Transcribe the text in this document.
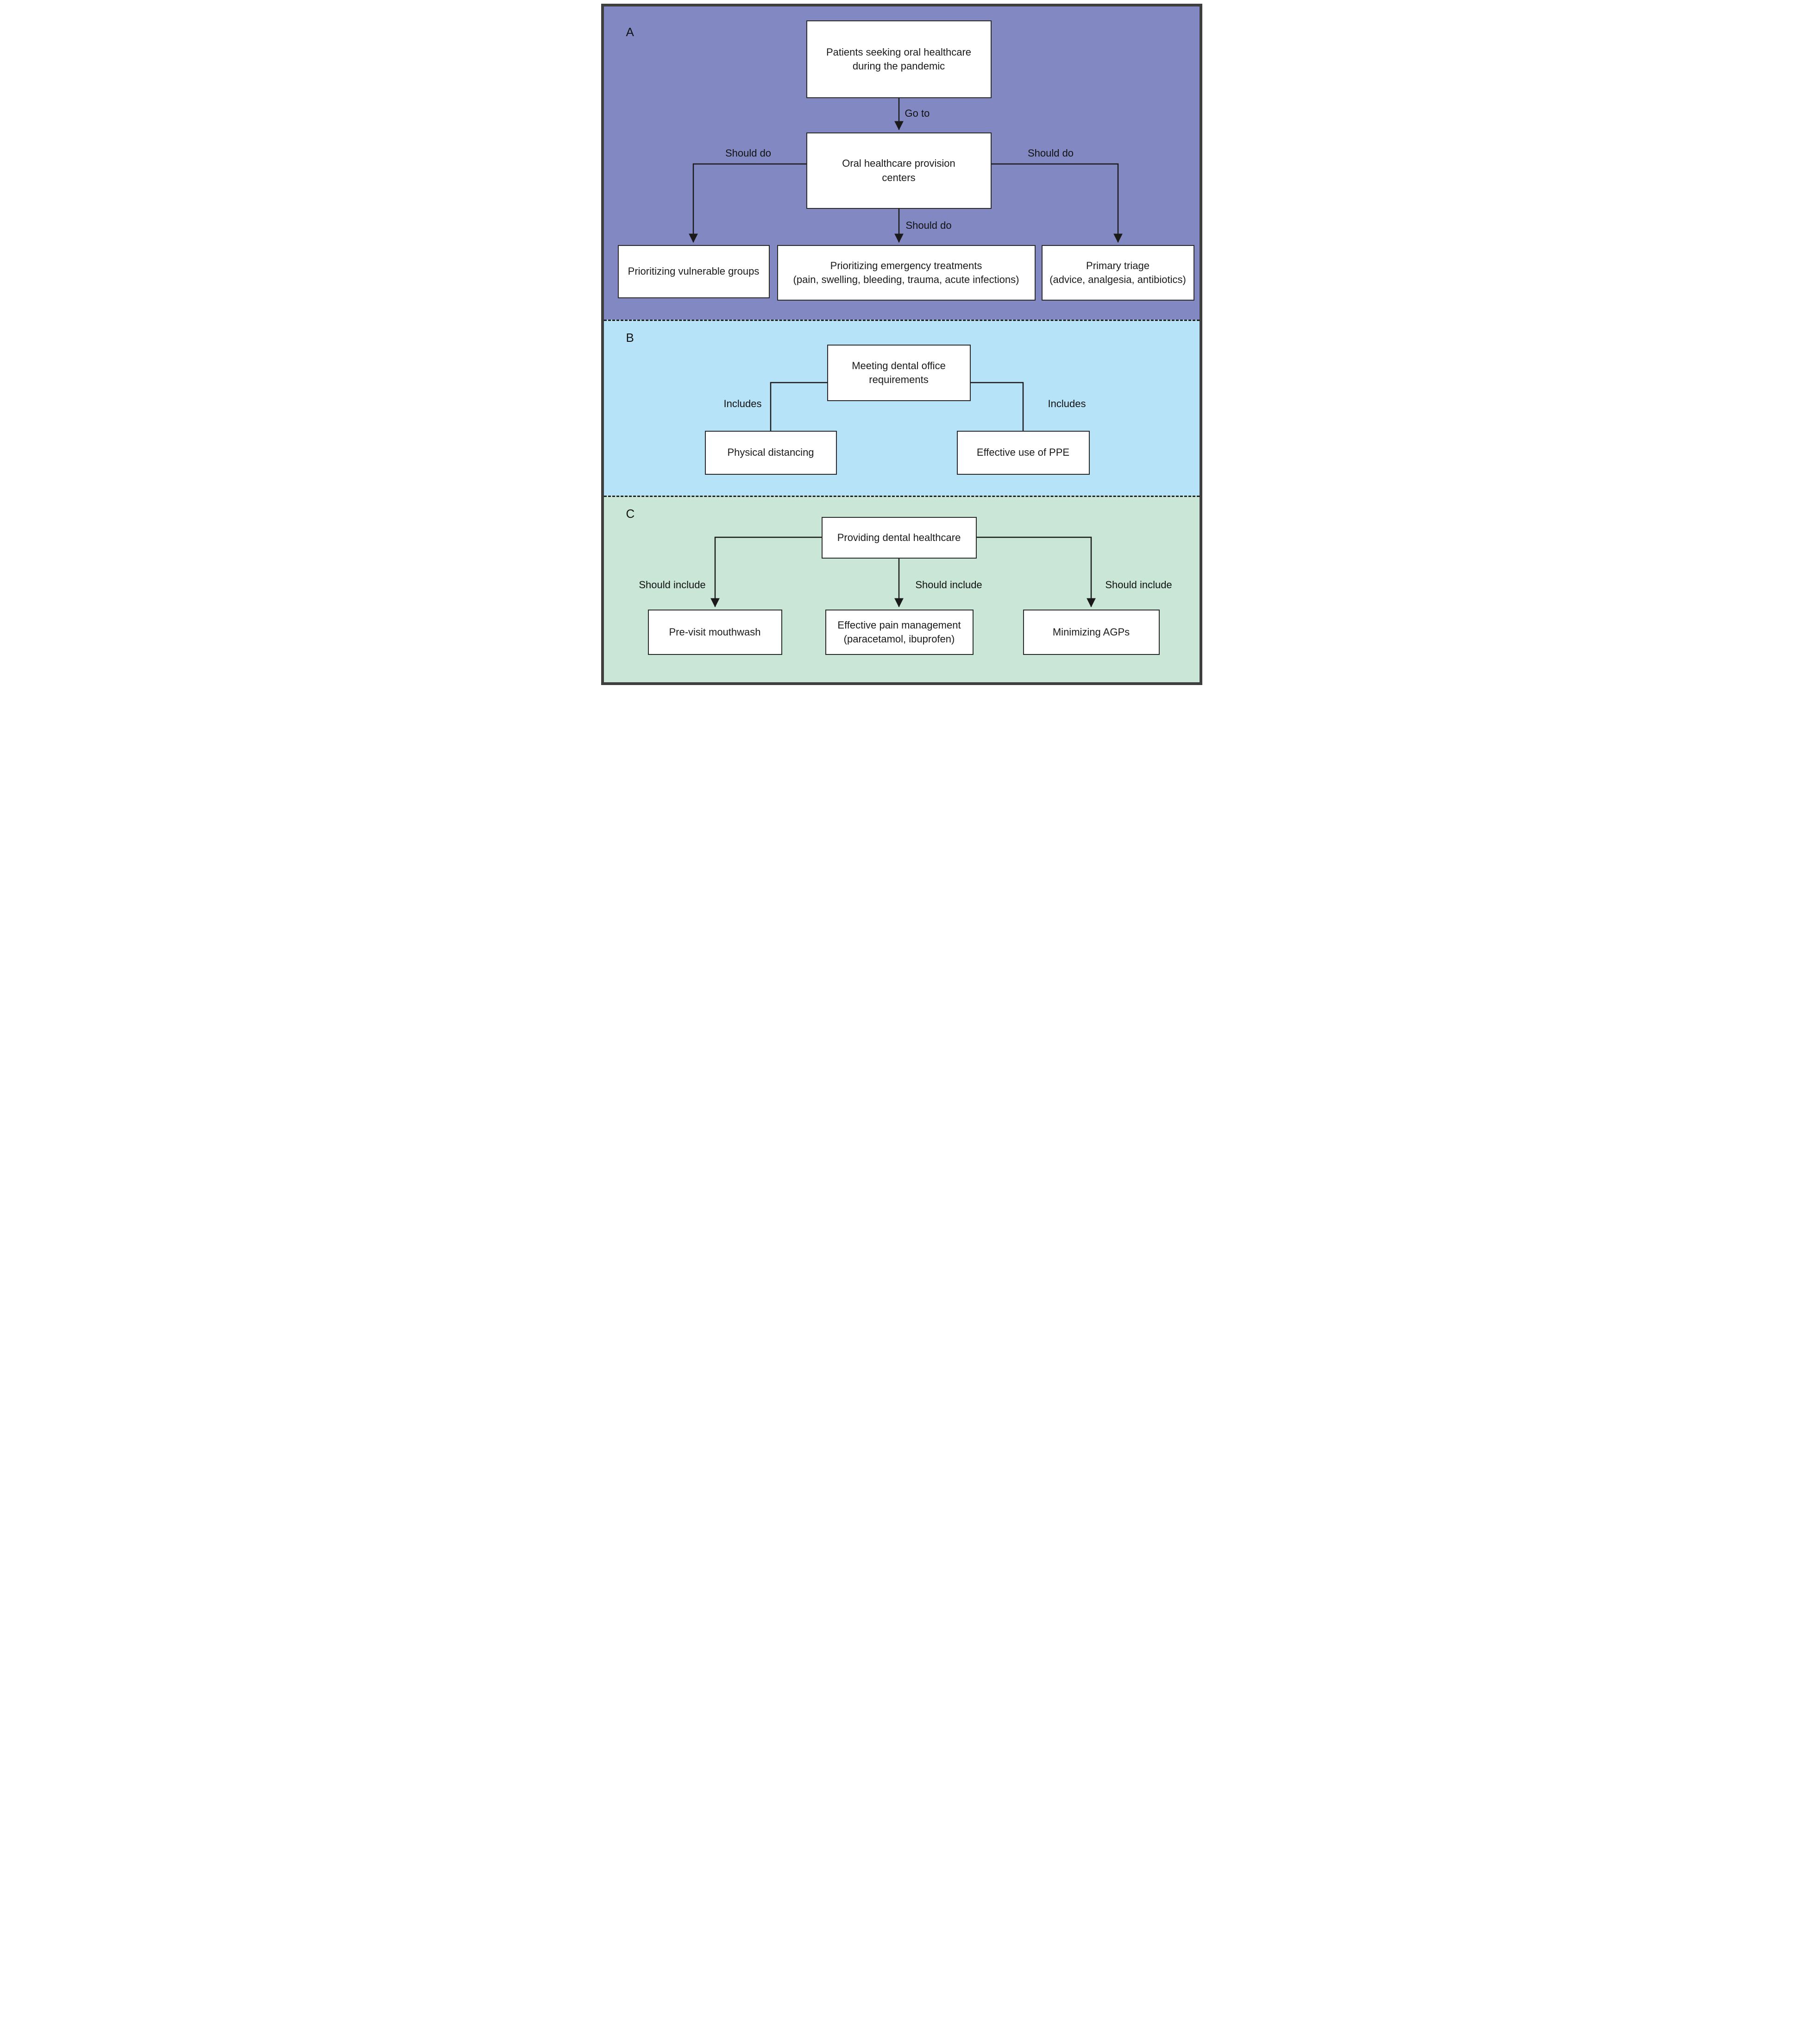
A
B
C
Patients seeking oral healthcare
during the pandemic
Oral healthcare provision
centers
Prioritizing vulnerable groups
Prioritizing emergency treatments
(pain, swelling, bleeding, trauma, acute infections)
Primary triage
(advice, analgesia, antibiotics)
Go to
Should do	Should do
Should do
Meeting dental office
requirements
Physical distancing	Effective use of PPE
Includes	Includes
Providing dental healthcare
Pre-visit mouthwash
Effective pain management
(paracetamol, ibuprofen)
Minimizing AGPs
Should include	Should include	Should include
